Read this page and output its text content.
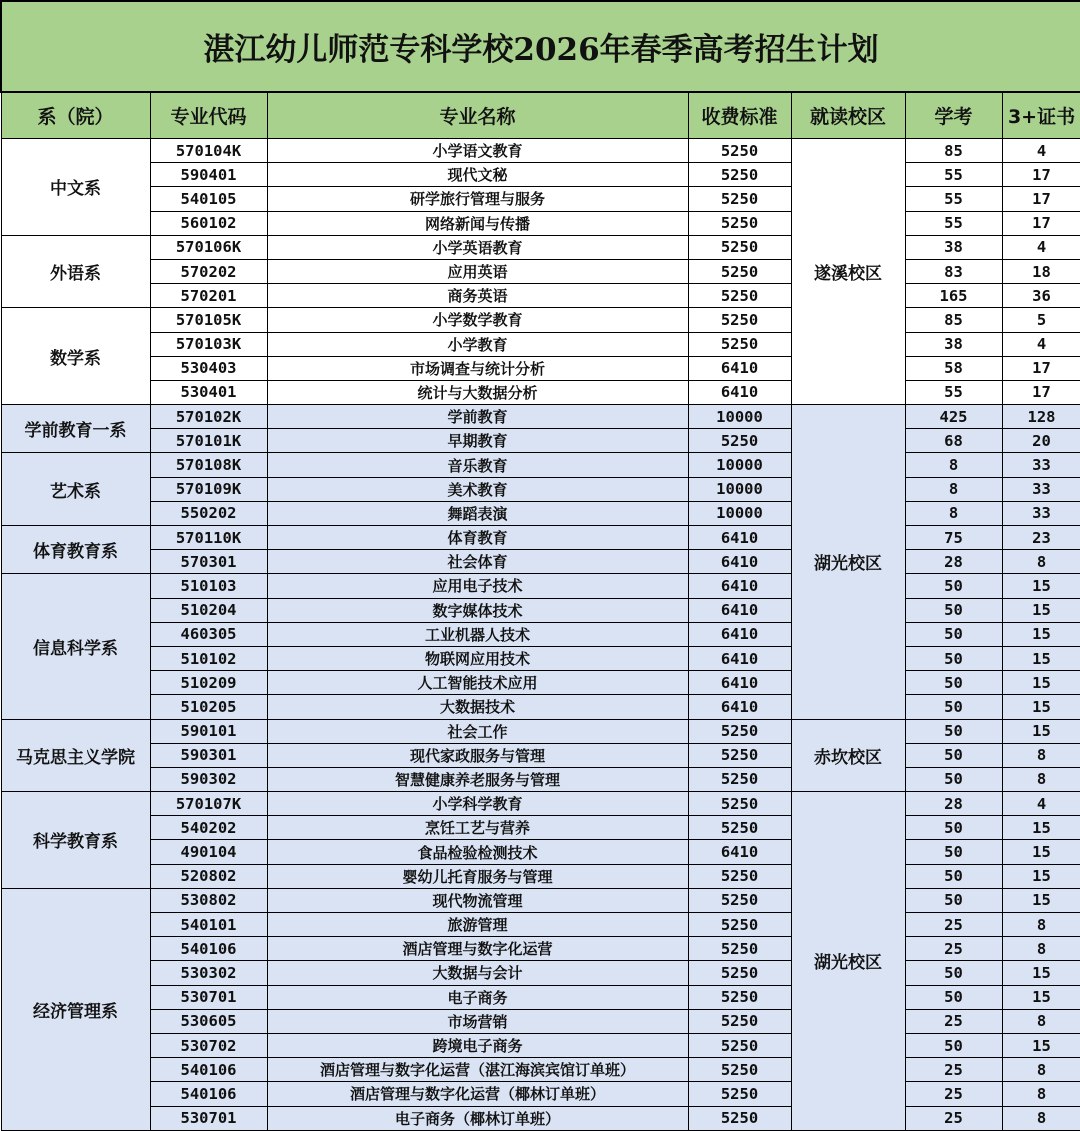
湛江幼儿师范专科学校2026年春季高考招生计划						
系（院）	专业代码	专业名称	收费标准	就读校区	学考	3+证书
中文系	570104K	小学语文教育	5250	遂溪校区	85	4
	590401	现代文秘	5250		55	17
	540105	研学旅行管理与服务	5250		55	17
	560102	网络新闻与传播	5250		55	17
外语系	570106K	小学英语教育	5250		38	4
	570202	应用英语	5250		83	18
	570201	商务英语	5250		165	36
数学系	570105K	小学数学教育	5250		85	5
	570103K	小学教育	5250		38	4
	530403	市场调查与统计分析	6410		58	17
	530401	统计与大数据分析	6410		55	17
学前教育一系	570102K	学前教育	10000	湖光校区	425	128
	570101K	早期教育	5250		68	20
艺术系	570108K	音乐教育	10000		8	33
	570109K	美术教育	10000		8	33
	550202	舞蹈表演	10000		8	33
体育教育系	570110K	体育教育	6410		75	23
	570301	社会体育	6410		28	8
信息科学系	510103	应用电子技术	6410		50	15
	510204	数字媒体技术	6410		50	15
	460305	工业机器人技术	6410		50	15
	510102	物联网应用技术	6410		50	15
	510209	人工智能技术应用	6410		50	15
	510205	大数据技术	6410		50	15
马克思主义学院	590101	社会工作	5250	赤坎校区	50	15
	590301	现代家政服务与管理	5250		50	8
	590302	智慧健康养老服务与管理	5250		50	8
科学教育系	570107K	小学科学教育	5250	湖光校区	28	4
	540202	烹饪工艺与营养	5250		50	15
	490104	食品检验检测技术	6410		50	15
	520802	婴幼儿托育服务与管理	5250		50	15
经济管理系	530802	现代物流管理	5250		50	15
	540101	旅游管理	5250		25	8
	540106	酒店管理与数字化运营	5250		25	8
	530302	大数据与会计	5250		50	15
	530701	电子商务	5250		50	15
	530605	市场营销	5250		25	8
	530702	跨境电子商务	5250		50	15
	540106	酒店管理与数字化运营（湛江海滨宾馆订单班）	5250		25	8
	540106	酒店管理与数字化运营（椰林订单班）	5250		25	8
	530701	电子商务（椰林订单班）	5250		25	8
